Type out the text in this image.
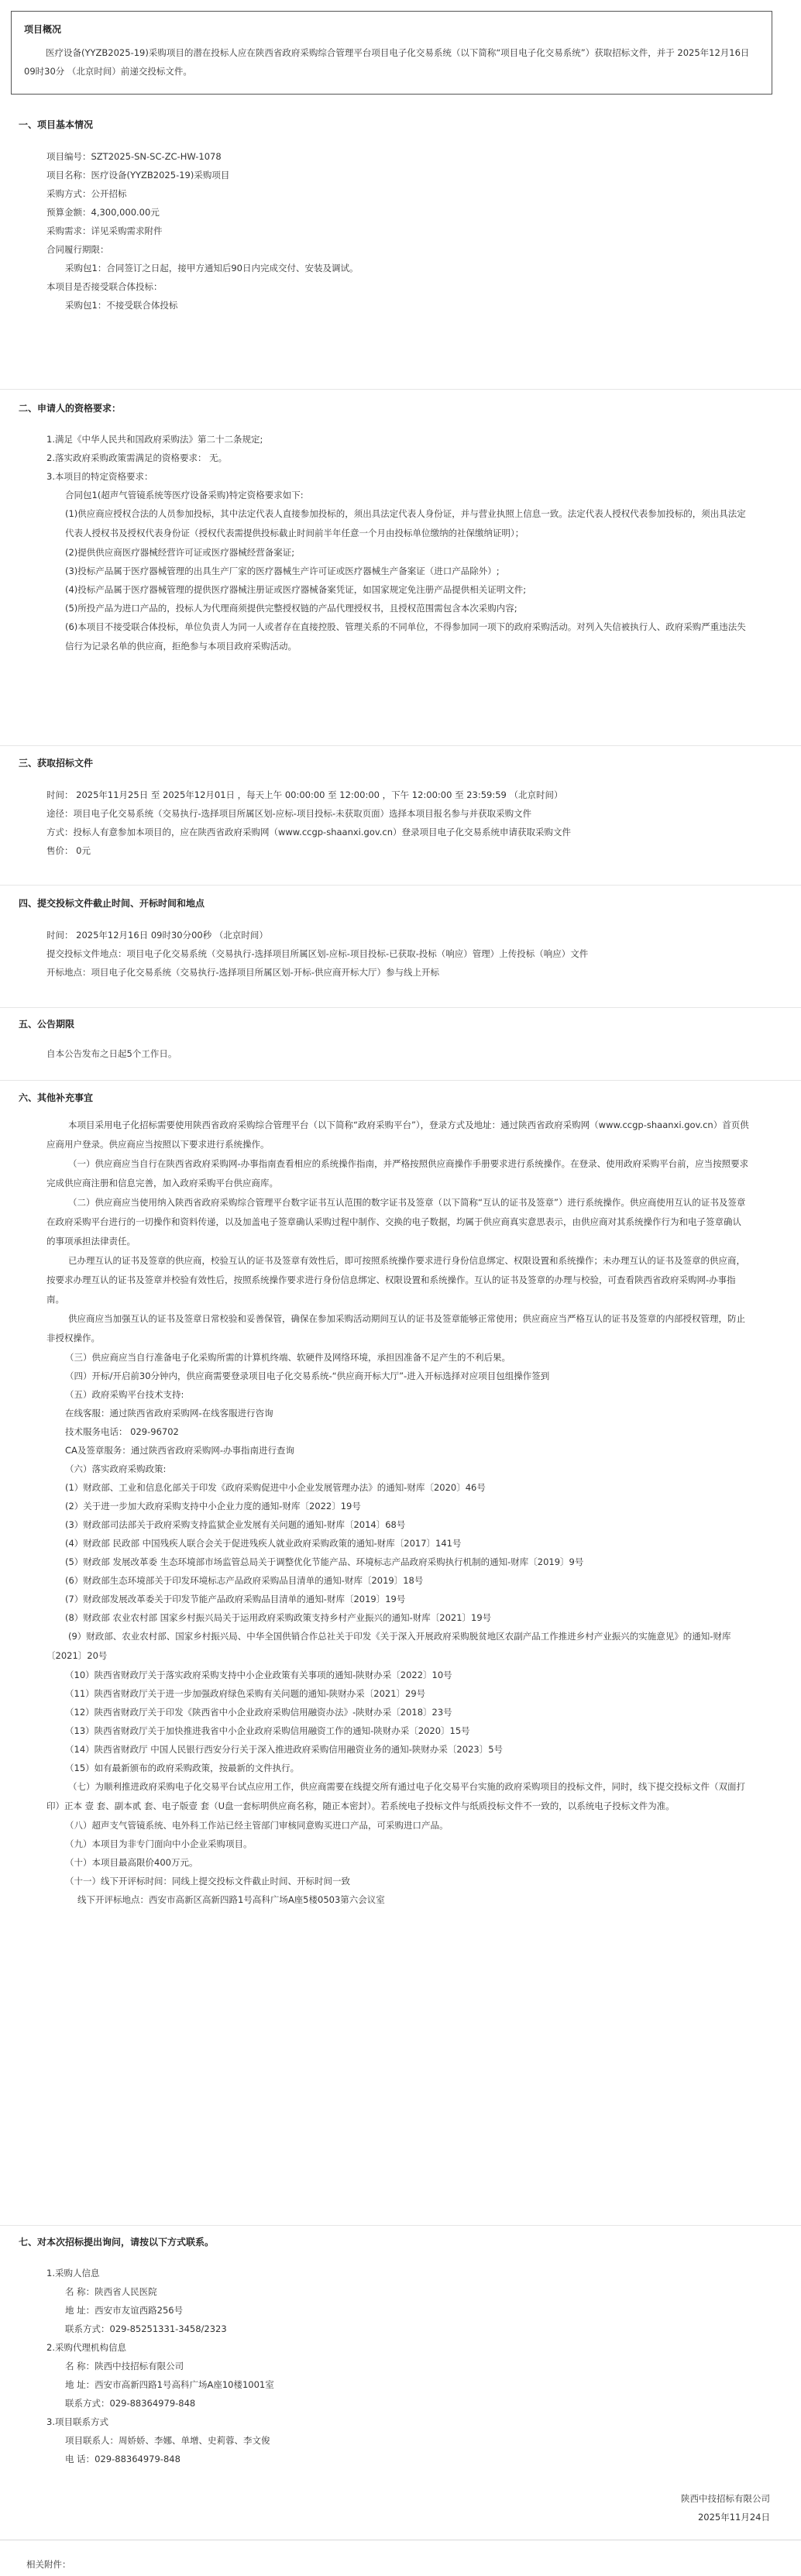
项目概况

医疗设备(YYZB2025-19)采购项目的潜在投标人应在陕西省政府采购综合管理平台项目电子化交易系统（以下简称“项目电子化交易系统”）获取招标文件，并于 2025年12月16日 09时30分 （北京时间）前递交投标文件。

一、项目基本情况

项目编号：SZT2025-SN-SC-ZC-HW-1078

项目名称：医疗设备(YYZB2025-19)采购项目

采购方式：公开招标

预算金额：4,300,000.00元

采购需求：详见采购需求附件

合同履行期限：

采购包1：合同签订之日起，接甲方通知后90日内完成交付、安装及调试。

本项目是否接受联合体投标：

采购包1：不接受联合体投标

二、申请人的资格要求：

1.满足《中华人民共和国政府采购法》第二十二条规定;

2.落实政府采购政策需满足的资格要求： 无。

3.本项目的特定资格要求：

合同包1(超声气管镜系统等医疗设备采购)特定资格要求如下:

(1)供应商应授权合法的人员参加投标，其中法定代表人直接参加投标的，须出具法定代表人身份证，并与营业执照上信息一致。法定代表人授权代表参加投标的，须出具法定代表人授权书及授权代表身份证（授权代表需提供投标截止时间前半年任意一个月由投标单位缴纳的社保缴纳证明）；

(2)提供供应商医疗器械经营许可证或医疗器械经营备案证;

(3)投标产品属于医疗器械管理的出具生产厂家的医疗器械生产许可证或医疗器械生产备案证（进口产品除外）;

(4)投标产品属于医疗器械管理的提供医疗器械注册证或医疗器械备案凭证，如国家规定免注册产品提供相关证明文件;

(5)所投产品为进口产品的，投标人为代理商须提供完整授权链的产品代理授权书，且授权范围需包含本次采购内容;

(6)本项目不接受联合体投标，单位负责人为同一人或者存在直接控股、管理关系的不同单位，不得参加同一项下的政府采购活动。对列入失信被执行人、政府采购严重违法失信行为记录名单的供应商，拒绝参与本项目政府采购活动。

三、获取招标文件

时间： 2025年11月25日 至 2025年12月01日 ，每天上午 00:00:00 至 12:00:00 ，下午 12:00:00 至 23:59:59 （北京时间）

途径：项目电子化交易系统（交易执行-选择项目所属区划-应标-项目投标-未获取页面）选择本项目报名参与并获取采购文件

方式：投标人有意参加本项目的，应在陕西省政府采购网（www.ccgp-shaanxi.gov.cn）登录项目电子化交易系统申请获取采购文件

售价： 0元

四、提交投标文件截止时间、开标时间和地点

时间： 2025年12月16日 09时30分00秒 （北京时间）

提交投标文件地点：项目电子化交易系统（交易执行-选择项目所属区划-应标-项目投标-已获取-投标（响应）管理）上传投标（响应）文件

开标地点：项目电子化交易系统（交易执行-选择项目所属区划-开标-供应商开标大厅）参与线上开标

五、公告期限

自本公告发布之日起5个工作日。

六、其他补充事宜

本项目采用电子化招标需要使用陕西省政府采购综合管理平台（以下简称“政府采购平台”），登录方式及地址：通过陕西省政府采购网（www.ccgp-shaanxi.gov.cn）首页供应商用户登录。供应商应当按照以下要求进行系统操作。

（一）供应商应当自行在陕西省政府采购网-办事指南查看相应的系统操作指南，并严格按照供应商操作手册要求进行系统操作。在登录、使用政府采购平台前，应当按照要求完成供应商注册和信息完善，加入政府采购平台供应商库。

（二）供应商应当使用纳入陕西省政府采购综合管理平台数字证书互认范围的数字证书及签章（以下简称“互认的证书及签章”）进行系统操作。供应商使用互认的证书及签章在政府采购平台进行的一切操作和资料传递，以及加盖电子签章确认采购过程中制作、交换的电子数据，均属于供应商真实意思表示，由供应商对其系统操作行为和电子签章确认的事项承担法律责任。

已办理互认的证书及签章的供应商，校验互认的证书及签章有效性后，即可按照系统操作要求进行身份信息绑定、权限设置和系统操作；未办理互认的证书及签章的供应商，按要求办理互认的证书及签章并校验有效性后，按照系统操作要求进行身份信息绑定、权限设置和系统操作。互认的证书及签章的办理与校验，可查看陕西省政府采购网-办事指南。

供应商应当加强互认的证书及签章日常校验和妥善保管，确保在参加采购活动期间互认的证书及签章能够正常使用；供应商应当严格互认的证书及签章的内部授权管理，防止非授权操作。

（三）供应商应当自行准备电子化采购所需的计算机终端、软硬件及网络环境，承担因准备不足产生的不利后果。

（四）开标/开启前30分钟内，供应商需要登录项目电子化交易系统-“供应商开标大厅”-进入开标选择对应项目包组操作签到

（五）政府采购平台技术支持:

在线客服：通过陕西省政府采购网-在线客服进行咨询

技术服务电话： 029-96702

CA及签章服务：通过陕西省政府采购网-办事指南进行查询

（六）落实政府采购政策:

(1）财政部、工业和信息化部关于印发《政府采购促进中小企业发展管理办法》的通知-财库〔2020〕46号

(2）关于进一步加大政府采购支持中小企业力度的通知-财库〔2022〕19号

(3）财政部司法部关于政府采购支持监狱企业发展有关问题的通知-财库〔2014〕68号

(4）财政部 民政部 中国残疾人联合会关于促进残疾人就业政府采购政策的通知-财库〔2017〕141号

(5）财政部 发展改革委 生态环境部市场监管总局关于调整优化节能产品、环境标志产品政府采购执行机制的通知-财库〔2019〕9号

(6）财政部生态环境部关于印发环境标志产品政府采购品目清单的通知-财库〔2019〕18号

(7）财政部发展改革委关于印发节能产品政府采购品目清单的通知-财库〔2019〕19号

(8）财政部 农业农村部 国家乡村振兴局关于运用政府采购政策支持乡村产业振兴的通知-财库〔2021〕19号

(9）财政部、农业农村部、国家乡村振兴局、中华全国供销合作总社关于印发《关于深入开展政府采购脱贫地区农副产品工作推进乡村产业振兴的实施意见》的通知-财库〔2021〕20号

（10）陕西省财政厅关于落实政府采购支持中小企业政策有关事项的通知-陕财办采〔2022〕10号

（11）陕西省财政厅关于进一步加强政府绿色采购有关问题的通知-陕财办采〔2021〕29号

（12）陕西省财政厅关于印发《陕西省中小企业政府采购信用融资办法》-陕财办采〔2018〕23号

（13）陕西省财政厅关于加快推进我省中小企业政府采购信用融资工作的通知-陕财办采〔2020〕15号

（14）陕西省财政厅 中国人民银行西安分行关于深入推进政府采购信用融资业务的通知-陕财办采〔2023〕5号

（15）如有最新颁布的政府采购政策，按最新的文件执行。

（七）为顺利推进政府采购电子化交易平台试点应用工作，供应商需要在线提交所有通过电子化交易平台实施的政府采购项目的投标文件，同时，线下提交投标文件（双面打印）正本 壹 套、副本贰 套、电子版壹 套（U盘一套标明供应商名称，随正本密封）。若系统电子投标文件与纸质投标文件不一致的，以系统电子投标文件为准。

（八）超声支气管镜系统、电外科工作站已经主管部门审核同意购买进口产品，可采购进口产品。

（九）本项目为非专门面向中小企业采购项目。

（十）本项目最高限价400万元。

（十一）线下开评标时间：同线上提交投标文件截止时间、开标时间一致

线下开评标地点：西安市高新区高新四路1号高科广场A座5楼0503第六会议室

七、对本次招标提出询问，请按以下方式联系。

1.采购人信息

名 称：陕西省人民医院

地 址：西安市友谊西路256号

联系方式：029-85251331-3458/2323

2.采购代理机构信息

名 称：陕西中技招标有限公司

地 址：西安市高新四路1号高科广场A座10楼1001室

联系方式：029-88364979-848

3.项目联系方式

项目联系人：周娇娇、李娜、单增、史莉蓉、李文俊

电 话：029-88364979-848

陕西中技招标有限公司

2025年11月24日

相关附件：
